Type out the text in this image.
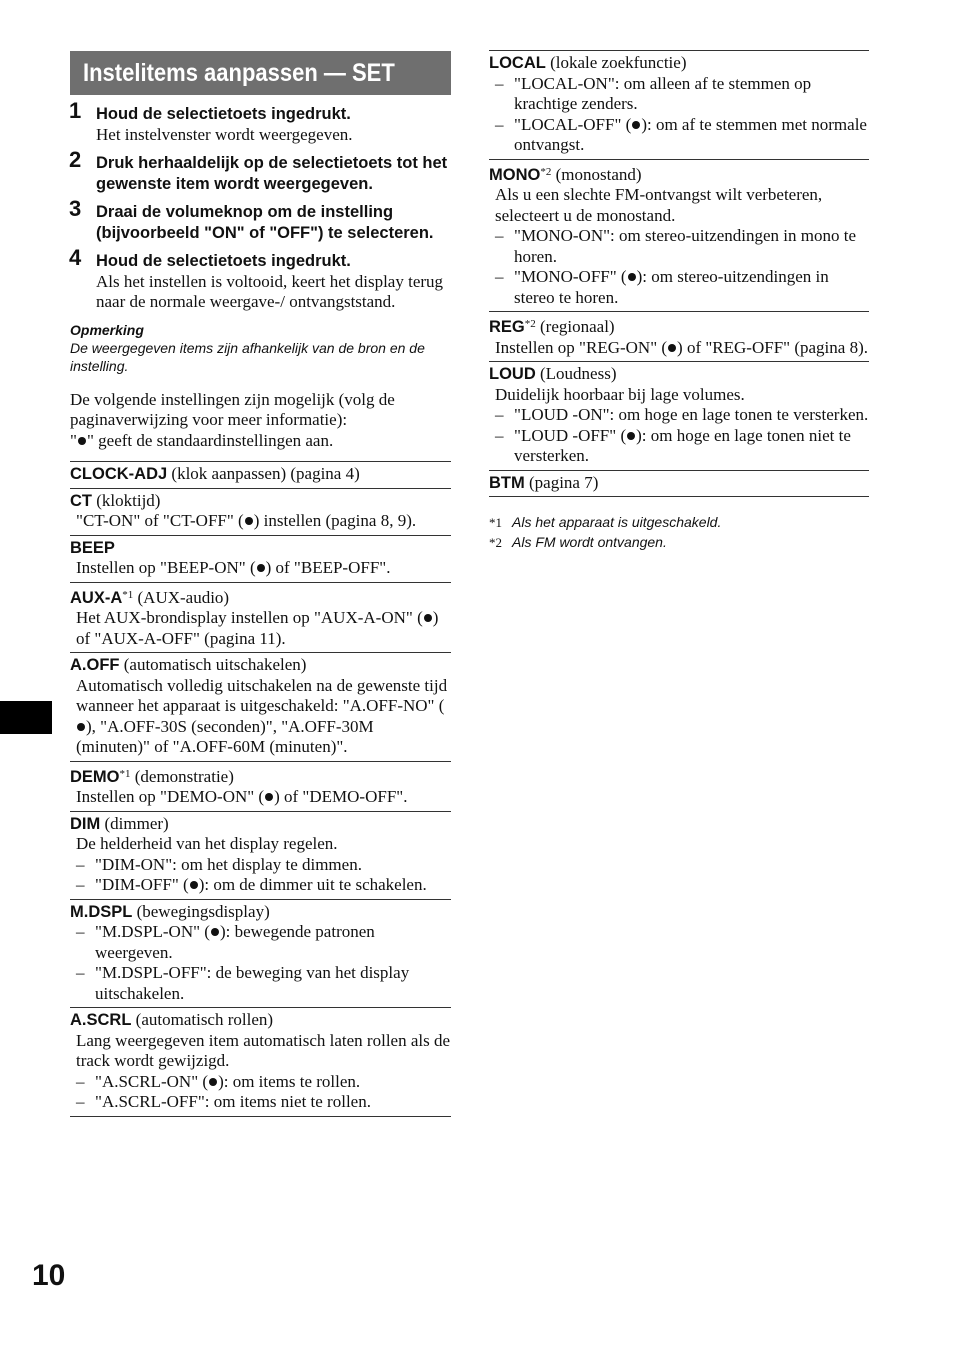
Instelitems aanpassen — SET
1 Houd de selectietoets ingedrukt.
Het instelvenster wordt weergegeven.
2 Druk herhaaldelijk op de selectietoets tot het gewenste item wordt weergegeven.
3 Draai de volumeknop om de instelling (bijvoorbeeld "ON" of "OFF") te selecteren.
4 Houd de selectietoets ingedrukt.
Als het instellen is voltooid, keert het display terug naar de normale weergave-/ ontvangststand.
Opmerking
De weergegeven items zijn afhankelijk van de bron en de instelling.
De volgende instellingen zijn mogelijk (volg de paginaverwijzing voor meer informatie):
" " geeft de standaardinstellingen aan.
CLOCK-ADJ (klok aanpassen) (pagina 4)
CT (kloktijd)
"CT-ON" of "CT-OFF" ( ) instellen (pagina 8, 9).
BEEP
Instellen op "BEEP-ON" ( ) of "BEEP-OFF".
AUX-$A^{*1}$ (AUX-audio)
Het AUX-brondisplay instellen op "AUX-A-ON" ( ) of "AUX-A-OFF" (pagina 11).
A.OFF (automatisch uitschakelen)
Automatisch volledig uitschakelen na de gewenste tijd wanneer het apparaat is uitgeschakeld: "A.OFF-NO" (), "A.OFF-30S (seconden)", "A.OFF-30M (minuten)" of "A.OFF-60M (minuten)".
DEMO$^{*1}$ (demonstratie)
Instellen op "DEMO-ON" ( ) of "DEMO-OFF".
DIM (dimmer)
De helderheid van het display regelen.
– "DIM-ON": om het display te dimmen.
– "DIM-OFF" ( ): om de dimmer uit te schakelen.
M.DSPL (bewegingsdisplay)
– "M.DSPL-ON" ( ): bewegende patronen weergeven.
– "M.DSPL-OFF": de beweging van het display uitschakelen.
A.SCRL (automatisch rollen)
Lang weergegeven item automatisch laten rollen als de track wordt gewijzigd.
– "A.SCRL-ON" ( ): om items te rollen.
– "A.SCRL-OFF": om items niet te rollen.
LOCAL (lokale zoekfunctie)
– "LOCAL-ON": om alleen af te stemmen op krachtige zenders.
– "LOCAL-OFF" ( ): om af te stemmen met normale ontvangst.
MONO$^{*2}$ (monostand)
Als u een slechte FM-ontvangst wilt verbeteren, selecteert u de monostand.
– "MONO-ON": om stereo-uitzendingen in mono te horen.
– "MONO-OFF" ( ): om stereo-uitzendingen in stereo te horen.
REG$^{*2}$ (regionaal)
Instellen op "REG-ON" ( ) of "REG-OFF" (pagina 8).
LOUD (Loudness)
Duidelijk hoorbaar bij lage volumes.
– "LOUD -ON": om hoge en lage tonen te versterken.
– "LOUD -OFF" ( ): om hoge en lage tonen niet te versterken.
BTM (pagina 7)
*1 Als het apparaat is uitgeschakeld.
*2 Als FM wordt ontvangen.
10
